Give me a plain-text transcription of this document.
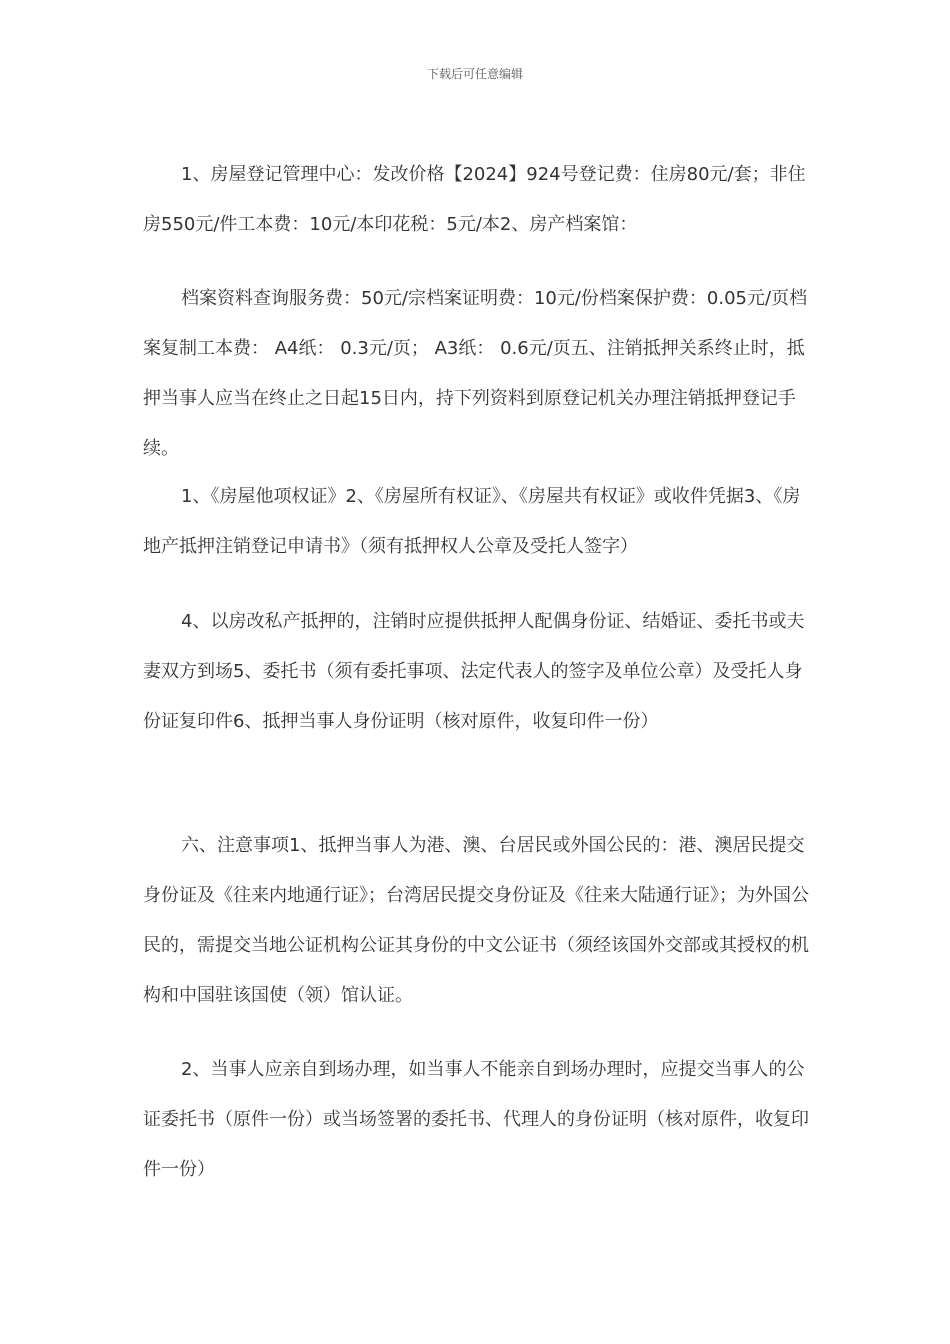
下载后可任意编辑

1、房屋登记管理中心：发改价格【2024】924号登记费：住房80元/套；非住房550元/件工本费：10元/本印花税：5元/本2、房产档案馆：

档案资料查询服务费：50元/宗档案证明费：10元/份档案保护费：0.05元/页档案复制工本费： A4纸： 0.3元/页； A3纸： 0.6元/页五、注销抵押关系终止时，抵押当事人应当在终止之日起15日内，持下列资料到原登记机关办理注销抵押登记手续。

1、《房屋他项权证》2、《房屋所有权证》、《房屋共有权证》或收件凭据3、《房地产抵押注销登记申请书》（须有抵押权人公章及受托人签字）

4、以房改私产抵押的，注销时应提供抵押人配偶身份证、结婚证、委托书或夫妻双方到场5、委托书（须有委托事项、法定代表人的签字及单位公章）及受托人身份证复印件6、抵押当事人身份证明（核对原件，收复印件一份）

六、注意事项1、抵押当事人为港、澳、台居民或外国公民的：港、澳居民提交身份证及《往来内地通行证》；台湾居民提交身份证及《往来大陆通行证》；为外国公民的，需提交当地公证机构公证其身份的中文公证书（须经该国外交部或其授权的机构和中国驻该国使（领）馆认证。

2、当事人应亲自到场办理，如当事人不能亲自到场办理时，应提交当事人的公证委托书（原件一份）或当场签署的委托书、代理人的身份证明（核对原件，收复印件一份）
